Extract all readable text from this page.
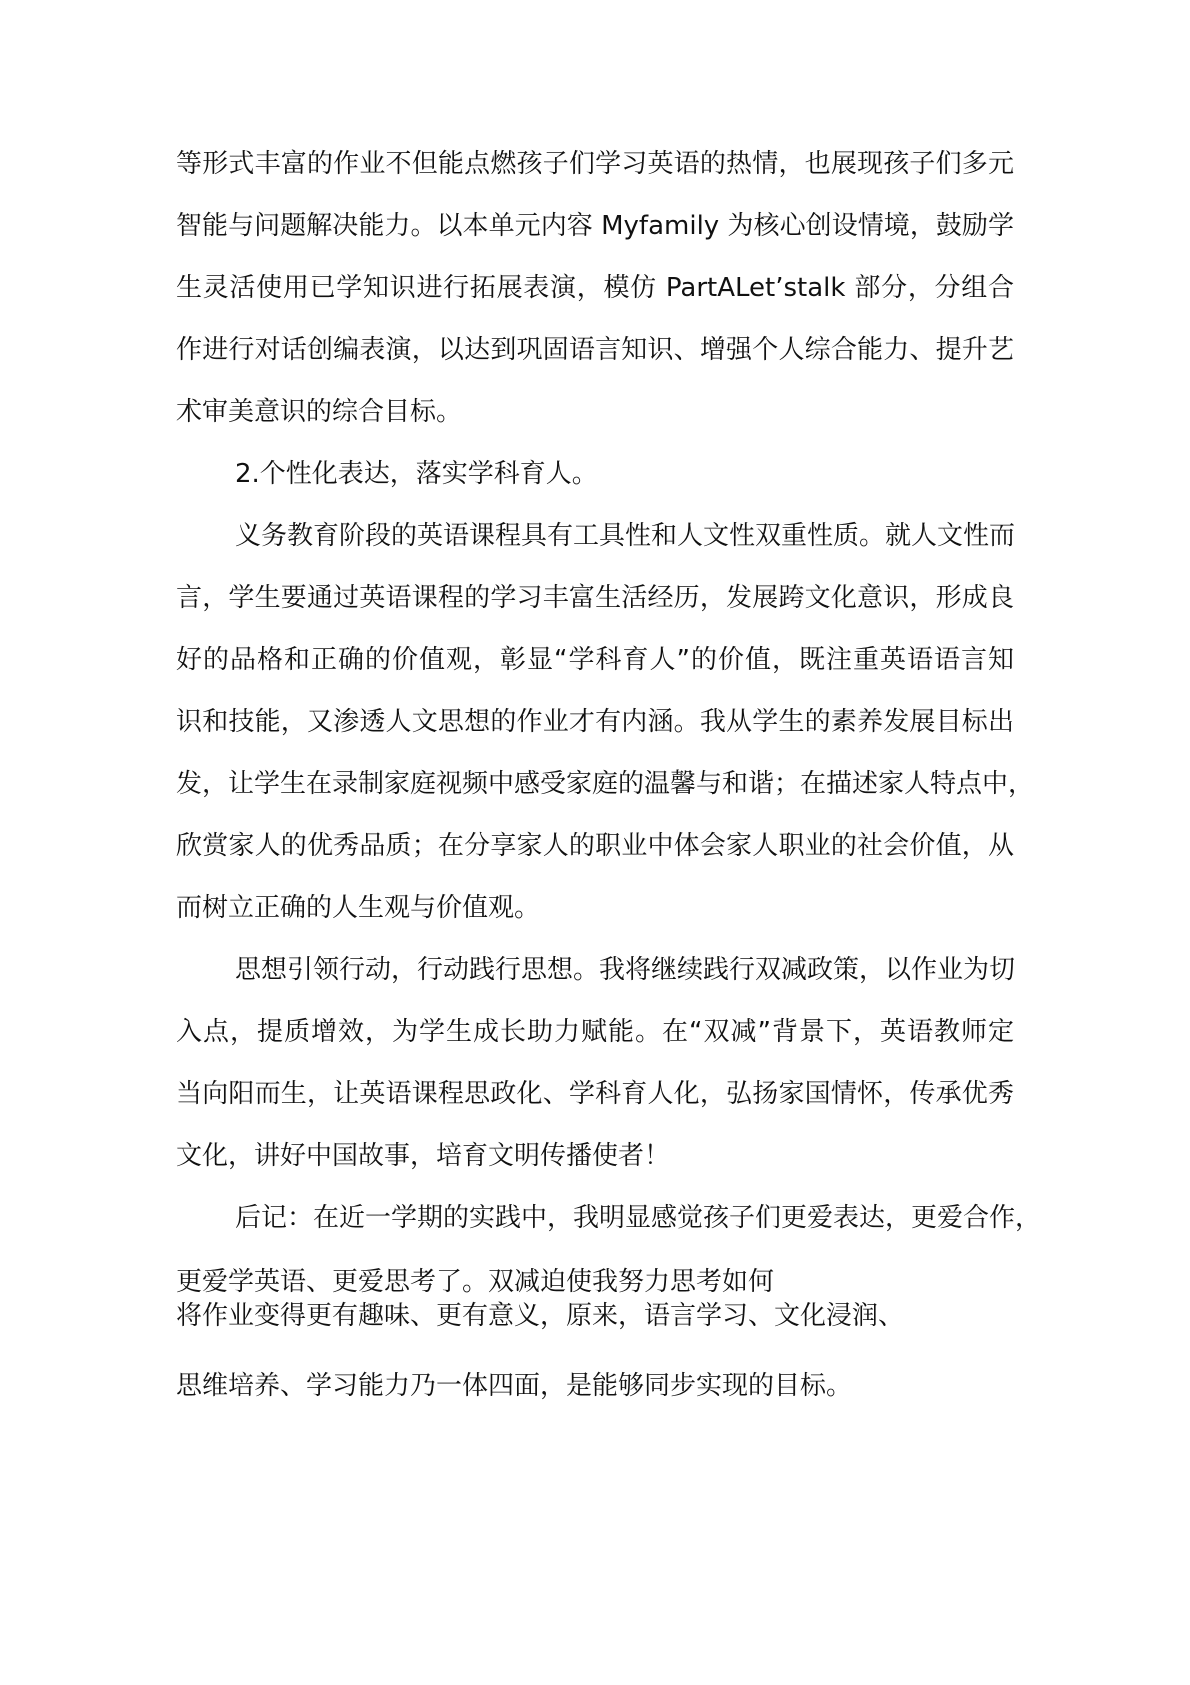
等形式丰富的作业不但能点燃孩子们学习英语的热情，也展现孩子们多元
智能与问题解决能力。以本单元内容 Myfamily 为核心创设情境，鼓励学
生灵活使用已学知识进行拓展表演，模仿 PartALet’stalk 部分，分组合
作进行对话创编表演，以达到巩固语言知识、增强个人综合能力、提升艺
术审美意识的综合目标。
2.个性化表达，落实学科育人。
义务教育阶段的英语课程具有工具性和人文性双重性质。就人文性而
言，学生要通过英语课程的学习丰富生活经历，发展跨文化意识，形成良
好的品格和正确的价值观，彰显“学科育人”的价值，既注重英语语言知
识和技能，又渗透人文思想的作业才有内涵。我从学生的素养发展目标出
发，让学生在录制家庭视频中感受家庭的温馨与和谐；在描述家人特点中，
欣赏家人的优秀品质；在分享家人的职业中体会家人职业的社会价值，从
而树立正确的人生观与价值观。
思想引领行动，行动践行思想。我将继续践行双减政策，以作业为切
入点，提质增效，为学生成长助力赋能。在“双减”背景下，英语教师定
当向阳而生，让英语课程思政化、学科育人化，弘扬家国情怀，传承优秀
文化，讲好中国故事，培育文明传播使者！
后记：在近一学期的实践中，我明显感觉孩子们更爱表达，更爱合作，
更爱学英语、更爱思考了。双减迫使我努力思考如何
将作业变得更有趣味、更有意义，原来，语言学习、文化浸润、
思维培养、学习能力乃一体四面，是能够同步实现的目标。
